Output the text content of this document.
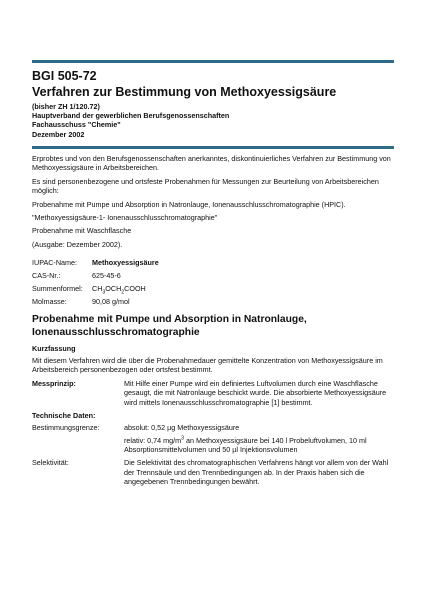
BGI 505-72
Verfahren zur Bestimmung von Methoxyessigsäure
(bisher ZH 1/120.72)
Hauptverband der gewerblichen Berufsgenossenschaften
Fachausschuss "Chemie"
Dezember 2002

Erprobtes und von den Berufsgenossenschaften anerkanntes, diskontinuierliches Verfahren zur Bestimmung von Methoxyessigsäure in Arbeitsbereichen.

Es sind personenbezogene und ortsfeste Probenahmen für Messungen zur Beurteilung von Arbeitsbereichen möglich:

Probenahme mit Pumpe und Absorption in Natronlauge, Ionenausschlusschromatographie (HPIC).

"Methoxyessigsäure-1- Ionenausschlusschromatographie"

Probenahme mit Waschflasche

(Ausgabe: Dezember 2002).

IUPAC-Name:	Methoxyessigsäure
CAS-Nr.:	625-45-6
Summenformel:	$CH_3OCH_2COOH$
Molmasse:	90,08 g/mol
Probenahme mit Pumpe und Absorption in Natronlauge, Ionenausschlusschromatographie
Kurzfassung

Mit diesem Verfahren wird die über die Probenahmedauer gemittelte Konzentration von Methoxyessigsäure im Arbeitsbereich personenbezogen oder ortsfest bestimmt.

Messprinzip:	Mit Hilfe einer Pumpe wird ein definiertes Luftvolumen durch eine Waschflasche gesaugt, die mit Natronlauge beschickt wurde. Die absorbierte Methoxyessigsäure wird mittels Ionenausschlusschromatographie [1] bestimmt.
Technische Daten:
Bestimmungsgrenze:	absolut: 0,52 µg Methoxyessigsäure
relativ: 0,74 $mg/m^3$ an Methoxyessigsäure bei 140 l Probeluftvolumen, 10 ml Absorptionsmittelvolumen und 50 µl Injektionsvolumen
Selektivität:	Die Selektivität des chromatographischen Verfahrens hängt vor allem von der Wahl der Trennsäule und den Trennbedingungen ab. In der Praxis haben sich die angegebenen Trennbedingungen bewährt.
